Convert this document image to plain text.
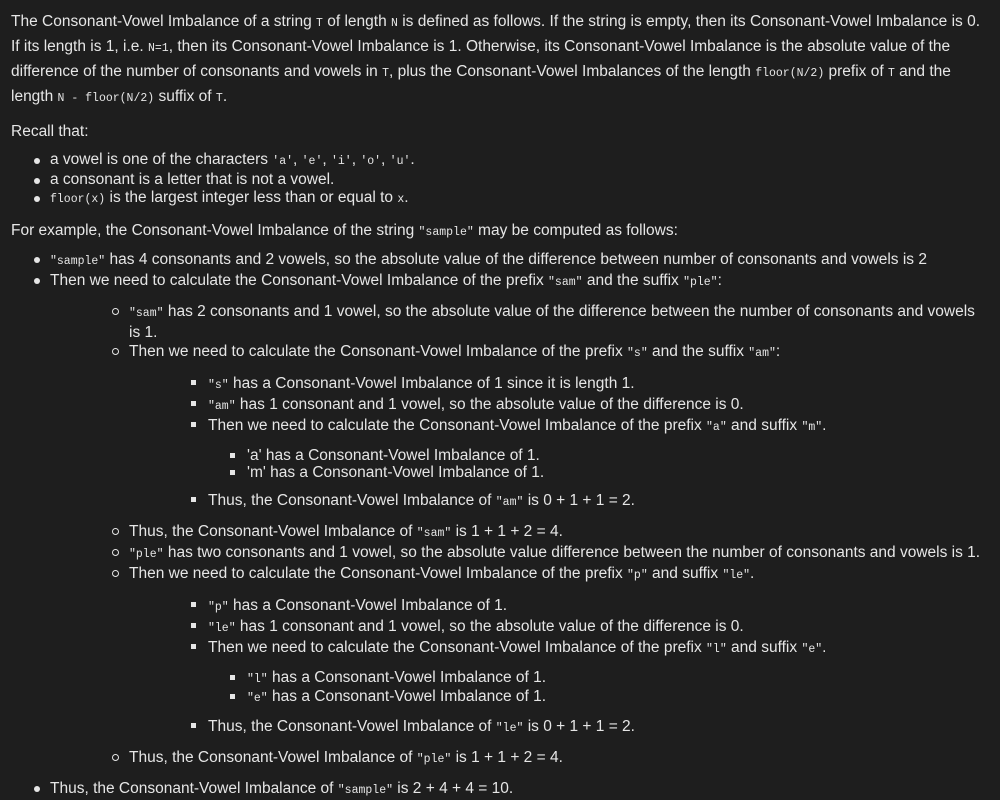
The Consonant-Vowel Imbalance of a string T of length N is defined as follows. If the string is empty, then its Consonant-Vowel Imbalance is 0. If its length is 1, i.e. N=1, then its Consonant-Vowel Imbalance is 1. Otherwise, its Consonant-Vowel Imbalance is the absolute value of the difference of the number of consonants and vowels in T, plus the Consonant-Vowel Imbalances of the length floor(N/2) prefix of T and the length N - floor(N/2) suffix of T.

Recall that:

a vowel is one of the characters 'a', 'e', 'i', 'o', 'u'.
a consonant is a letter that is not a vowel.
floor(x) is the largest integer less than or equal to x.

For example, the Consonant-Vowel Imbalance of the string "sample" may be computed as follows:

"sample" has 4 consonants and 2 vowels, so the absolute value of the difference between number of consonants and vowels is 2
Then we need to calculate the Consonant-Vowel Imbalance of the prefix "sam" and the suffix "ple":
"sam" has 2 consonants and 1 vowel, so the absolute value of the difference between the number of consonants and vowels is 1.
Then we need to calculate the Consonant-Vowel Imbalance of the prefix "s" and the suffix "am":
"s" has a Consonant-Vowel Imbalance of 1 since it is length 1.
"am" has 1 consonant and 1 vowel, so the absolute value of the difference is 0.
Then we need to calculate the Consonant-Vowel Imbalance of the prefix "a" and suffix "m".
'a' has a Consonant-Vowel Imbalance of 1.
'm' has a Consonant-Vowel Imbalance of 1.
Thus, the Consonant-Vowel Imbalance of "am" is 0 + 1 + 1 = 2.
Thus, the Consonant-Vowel Imbalance of "sam" is 1 + 1 + 2 = 4.
"ple" has two consonants and 1 vowel, so the absolute value difference between the number of consonants and vowels is 1.
Then we need to calculate the Consonant-Vowel Imbalance of the prefix "p" and suffix "le".
"p" has a Consonant-Vowel Imbalance of 1.
"le" has 1 consonant and 1 vowel, so the absolute value of the difference is 0.
Then we need to calculate the Consonant-Vowel Imbalance of the prefix "l" and suffix "e".
"l" has a Consonant-Vowel Imbalance of 1.
"e" has a Consonant-Vowel Imbalance of 1.
Thus, the Consonant-Vowel Imbalance of "le" is 0 + 1 + 1 = 2.
Thus, the Consonant-Vowel Imbalance of "ple" is 1 + 1 + 2 = 4.
Thus, the Consonant-Vowel Imbalance of "sample" is 2 + 4 + 4 = 10.
